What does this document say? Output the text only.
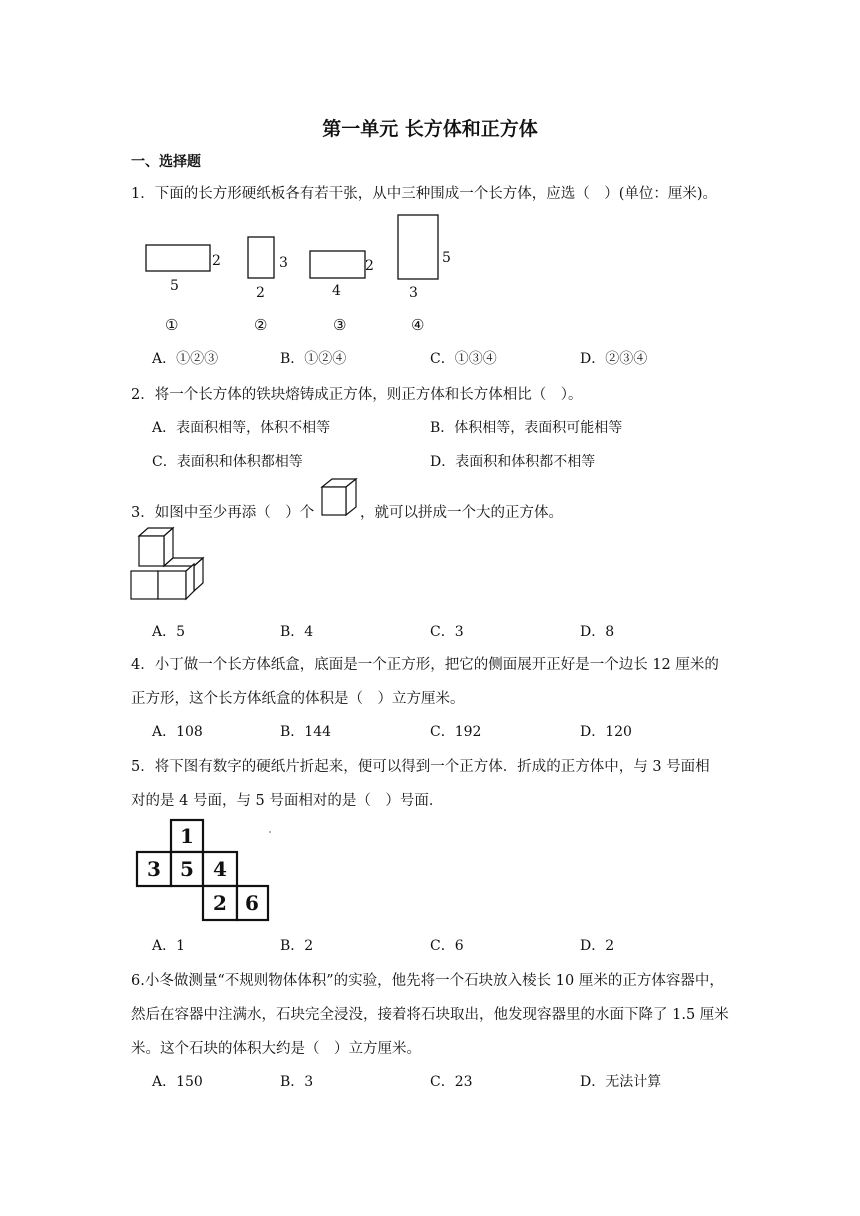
第一单元 长方体和正方体
一、选择题
1．下面的长方形硬纸板各有若干张，从中三种围成一个长方体，应选（　）(单位：厘米)。
2
5
3
2
2
4
5
3
①	②	③	④
A．①②③	B．①②④	C．①③④	D．②③④
2．将一个长方体的铁块熔铸成正方体，则正方体和长方体相比（　）。
A．表面积相等，体积不相等	B．体积相等，表面积可能相等
C．表面积和体积都相等	D．表面积和体积都不相等
3．如图中至少再添（　）个	，就可以拼成一个大的正方体。
A．5	B．4	C．3	D．8
4．小丁做一个长方体纸盒，底面是一个正方形，把它的侧面展开正好是一个边长 12 厘米的
正方形，这个长方体纸盒的体积是（　）立方厘米。
A．108	B．144	C．192	D．120
5．将下图有数字的硬纸片折起来，便可以得到一个正方体．折成的正方体中，与 3 号面相
对的是 4 号面，与 5 号面相对的是（　）号面．
1
3 5 4
2 6
A．1	B．2	C．6	D．2
6.小冬做测量“不规则物体体积”的实验，他先将一个石块放入棱长 10 厘米的正方体容器中，
然后在容器中注满水，石块完全浸没，接着将石块取出，他发现容器里的水面下降了 1.5 厘米
米。这个石块的体积大约是（　）立方厘米。
A．150	B．3	C．23	D．无法计算
